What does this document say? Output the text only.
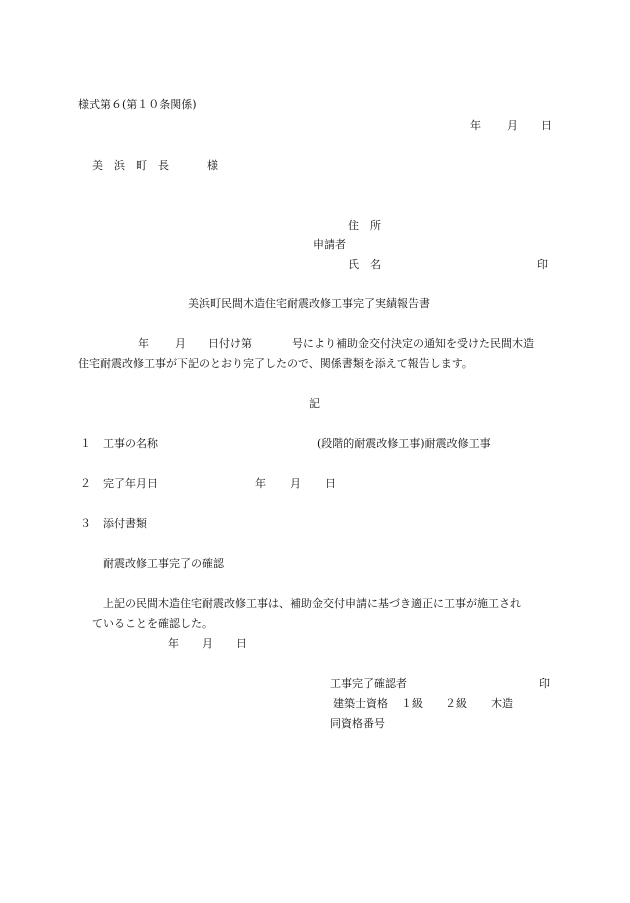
様式第６(第１０条関係)
年 月 日
美　浜　町　長	様
住　所
申請者
氏　名	印
美浜町民間木造住宅耐震改修工事完了実績報告書
年 月 日付け第	号により補助金交付決定の通知を受けた民間木造
住宅耐震改修工事が下記のとおり完了したので、関係書類を添えて報告します。
記
１ 工事の名称	(段階的耐震改修工事)耐震改修工事
２ 完了年月日	年 月 日
３ 添付書類
耐震改修工事完了の確認
上記の民間木造住宅耐震改修工事は、補助金交付申請に基づき適正に工事が施工され
ていることを確認した。
年 月 日
工事完了確認者	印
建築士資格 １級 ２級 木造
同資格番号
